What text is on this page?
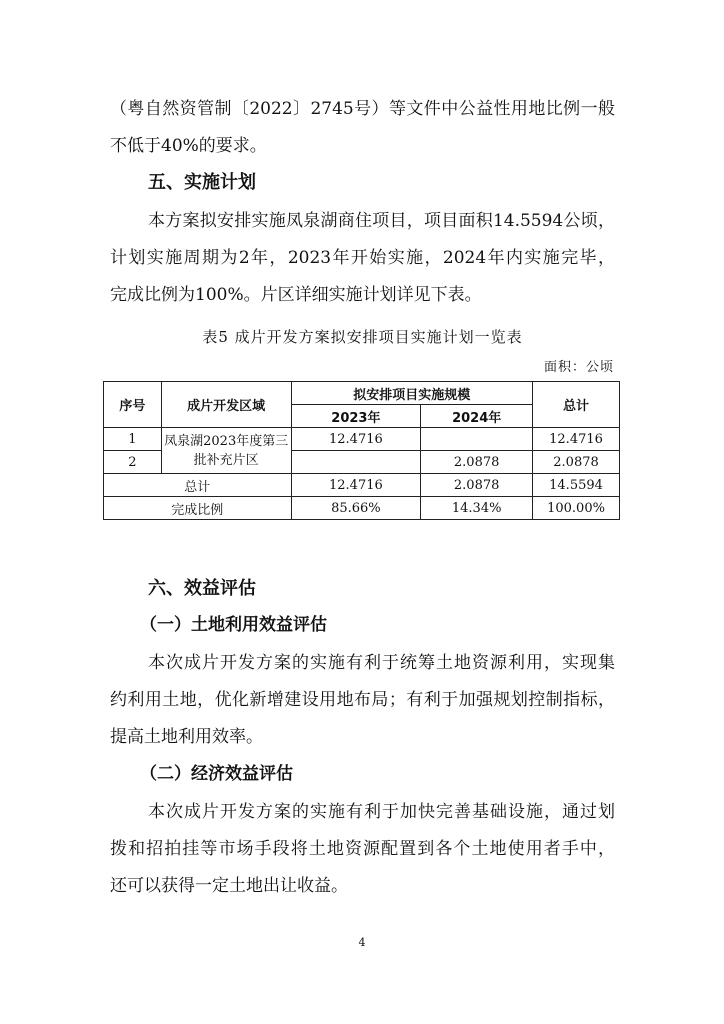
（粤自然资管制〔2022〕2745号）等文件中公益性用地比例一般
不低于40%的要求。
五、实施计划
本方案拟安排实施凤泉湖商住项目，项目面积14.5594公顷，
计划实施周期为2年，2023年开始实施，2024年内实施完毕，
完成比例为100%。片区详细实施计划详见下表。
表5 成片开发方案拟安排项目实施计划一览表
面积：公顷
序号	成片开发区域	拟安排项目实施规模		总计
		2023年	2024年	
1	凤泉湖2023年度第三批补充片区	12.4716		12.4716
2			2.0878	2.0878
总计		12.4716	2.0878	14.5594
完成比例		85.66%	14.34%	100.00%
六、效益评估
（一）土地利用效益评估
本次成片开发方案的实施有利于统筹土地资源利用，实现集
约利用土地，优化新增建设用地布局；有利于加强规划控制指标，
提高土地利用效率。
（二）经济效益评估
本次成片开发方案的实施有利于加快完善基础设施，通过划
拨和招拍挂等市场手段将土地资源配置到各个土地使用者手中，
还可以获得一定土地出让收益。
4
